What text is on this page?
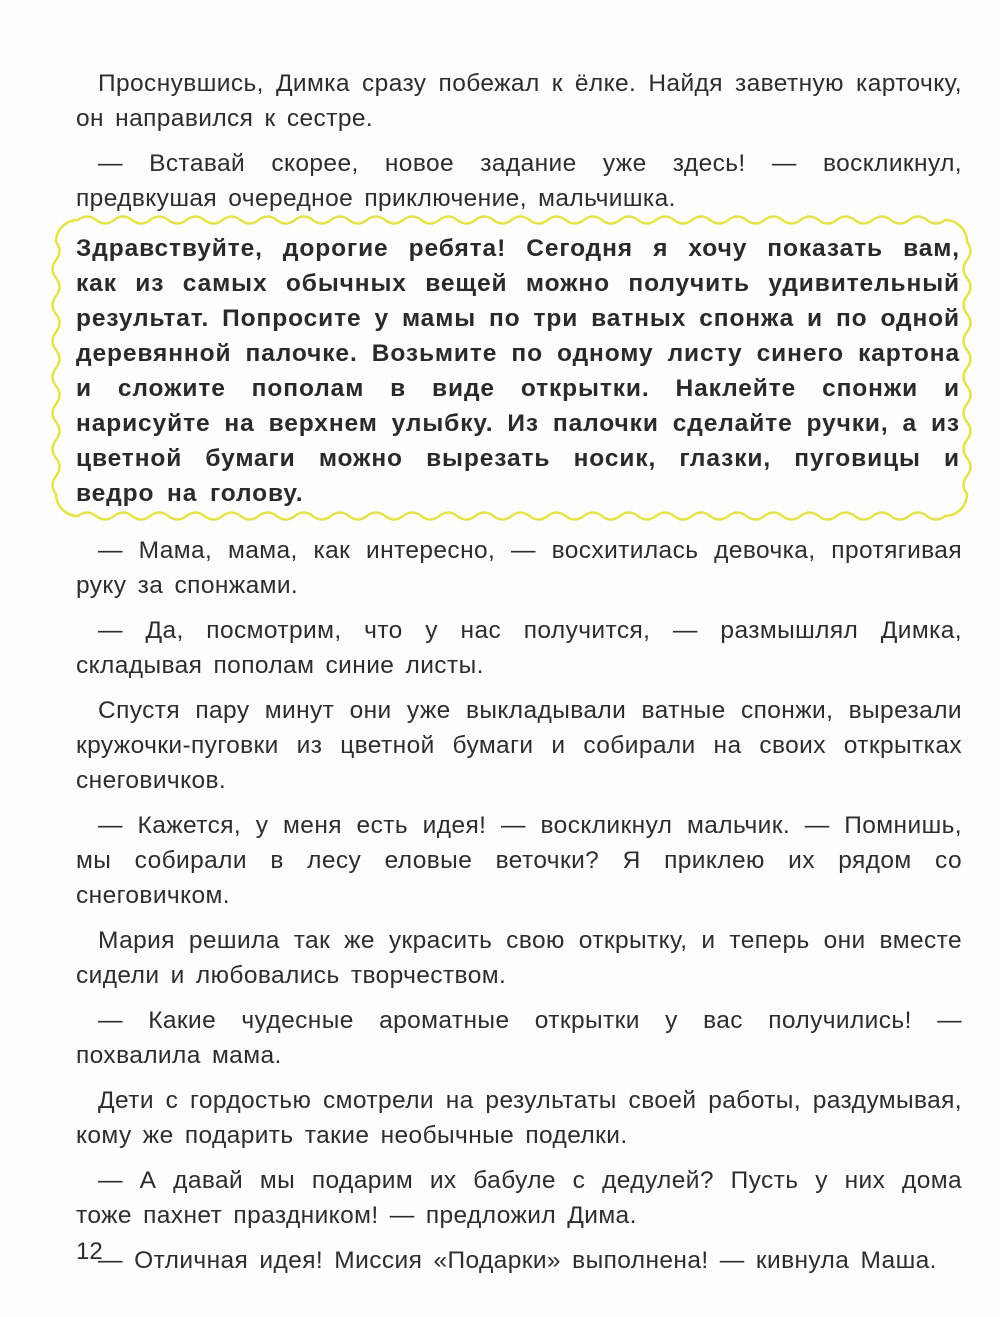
Проснувшись, Димка сразу побежал к ёлке. Найдя заветную карточку, он направился к сестре.

— Вставай скорее, новое задание уже здесь! — воскликнул, предвкушая очередное приключение, мальчишка.

Здравствуйте, дорогие ребята! Сегодня я хочу показать вам, как из самых обычных вещей можно получить удивительный результат. Попросите у мамы по три ватных спонжа и по одной деревянной палочке. Возьмите по одному листу синего картона и сложите пополам в виде открытки. Наклейте спонжи и нарисуйте на верхнем улыбку. Из палочки сделайте ручки, а из цветной бумаги можно вырезать носик, глазки, пуговицы и ведро на голову.

— Мама, мама, как интересно, — восхитилась девочка, протягивая руку за спонжами.

— Да, посмотрим, что у нас получится, — размышлял Димка, складывая пополам синие листы.

Спустя пару минут они уже выкладывали ватные спонжи, вырезали кружочки-пуговки из цветной бумаги и собирали на своих открытках снеговичков.

— Кажется, у меня есть идея! — воскликнул мальчик. — Помнишь, мы собирали в лесу еловые веточки? Я приклею их рядом со снеговичком.

Мария решила так же украсить свою открытку, и теперь они вместе сидели и любовались творчеством.

— Какие чудесные ароматные открытки у вас получились! — похвалила мама.

Дети с гордостью смотрели на результаты своей работы, раздумывая, кому же подарить такие необычные поделки.

— А давай мы подарим их бабуле с дедулей? Пусть у них дома тоже пахнет праздником! — предложил Дима.

— Отличная идея! Миссия «Подарки» выполнена! — кивнула Маша.

12
